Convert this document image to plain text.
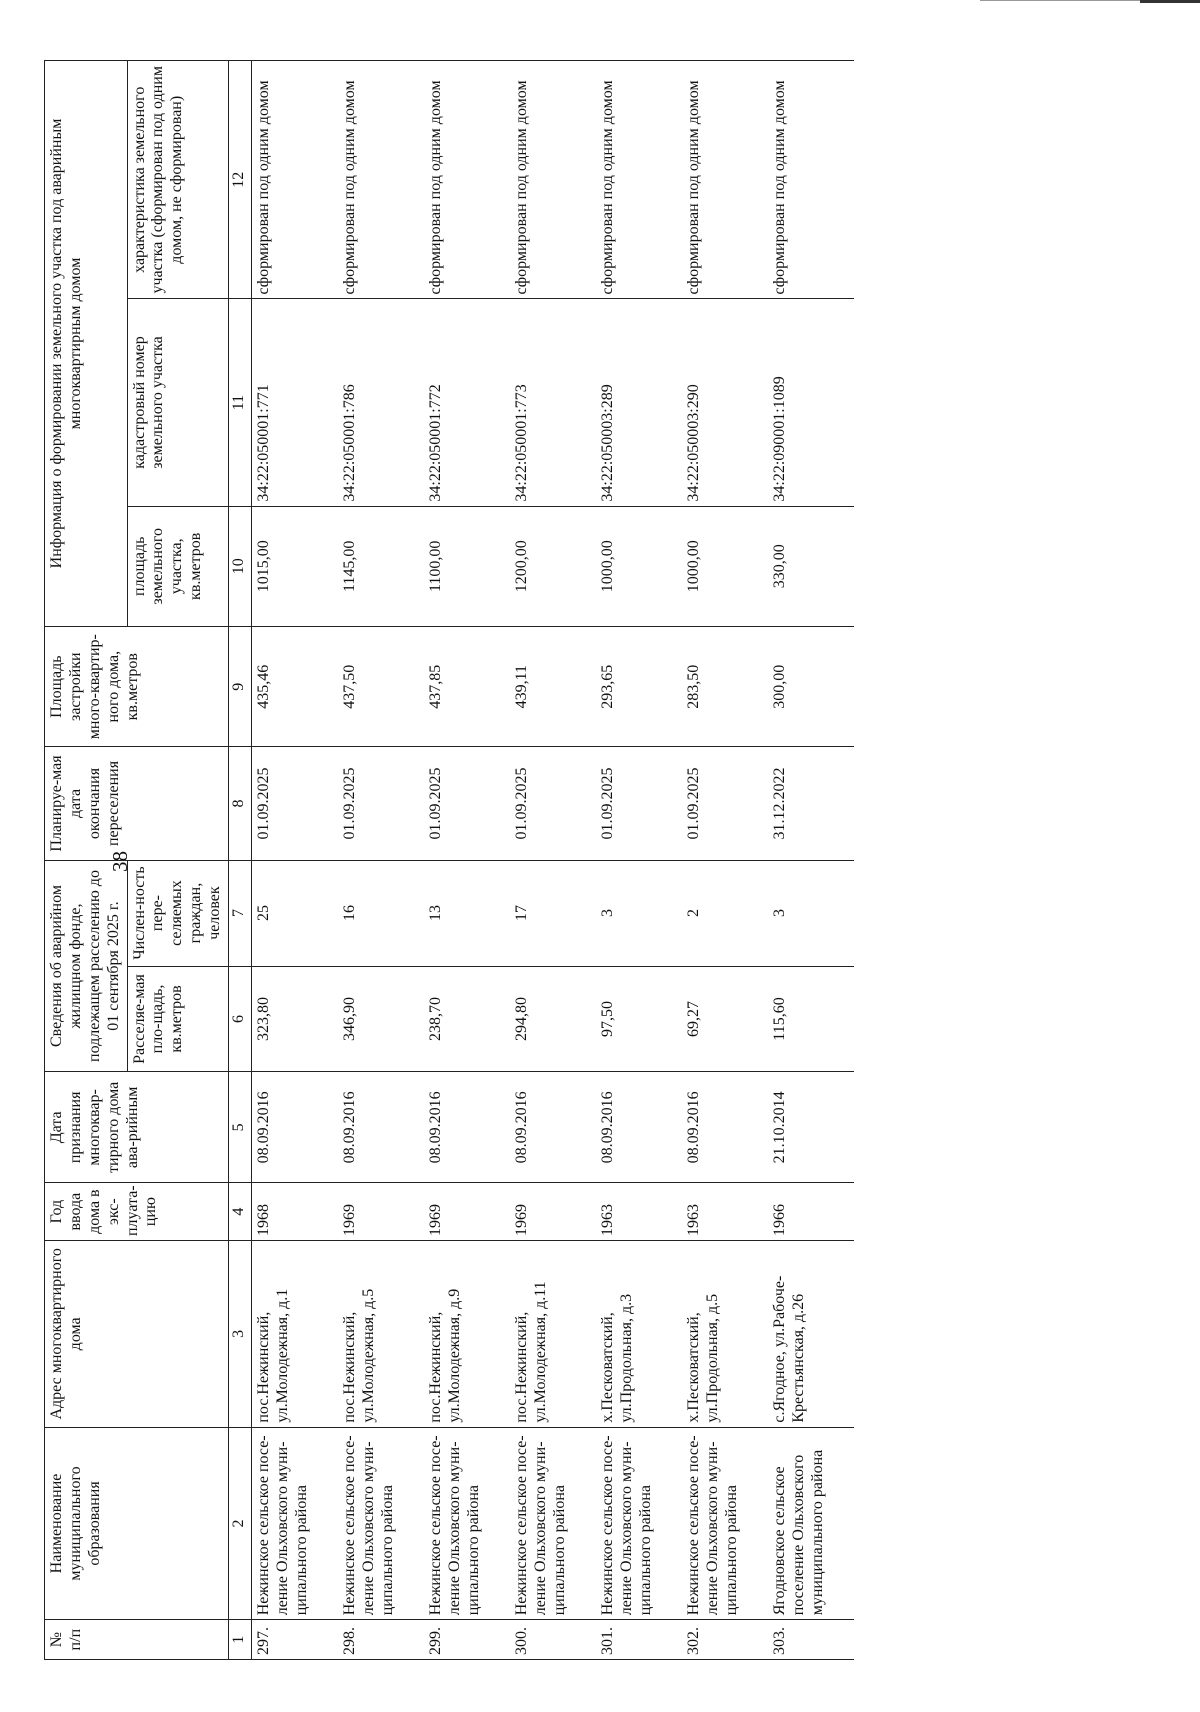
38
№ п/п	Наименование муниципального образования	Адрес многоквартирного дома	Год ввода дома в экс-плуата-цию	Дата признания многоквар-тирного дома ава-рийным	Сведения об аварийном жилищном фонде, подлежащем расселению до 01 сентября 2025 г.		Планируе-мая дата окончания переселения	Площадь застройки много-квартир-ного дома, кв.метров	Информация о формировании земельного участка под аварийным многоквартирным домом		
					Расселяе-мая пло-щадь, кв.метров	Числен-ность пере-селяемых граждан, человек			площадь земельного участка, кв.метров	кадастровый номер земельного участка	характеристика земельного участка (сформирован под одним домом, не сформирован)
1	2	3	4	5	6	7	8	9	10	11	12
297.	Нежинское сельское посе-ление Ольховского муни-ципального района	пос.Нежинский, ул.Молодежная, д.1	1968	08.09.2016	323,80	25	01.09.2025	435,46	1015,00	34:22:050001:771	сформирован под одним домом
298.	Нежинское сельское посе-ление Ольховского муни-ципального района	пос.Нежинский, ул.Молодежная, д.5	1969	08.09.2016	346,90	16	01.09.2025	437,50	1145,00	34:22:050001:786	сформирован под одним домом
299.	Нежинское сельское посе-ление Ольховского муни-ципального района	пос.Нежинский, ул.Молодежная, д.9	1969	08.09.2016	238,70	13	01.09.2025	437,85	1100,00	34:22:050001:772	сформирован под одним домом
300.	Нежинское сельское посе-ление Ольховского муни-ципального района	пос.Нежинский, ул.Молодежная, д.11	1969	08.09.2016	294,80	17	01.09.2025	439,11	1200,00	34:22:050001:773	сформирован под одним домом
301.	Нежинское сельское посе-ление Ольховского муни-ципального района	х.Песковатский, ул.Продольная, д.3	1963	08.09.2016	97,50	3	01.09.2025	293,65	1000,00	34:22:050003:289	сформирован под одним домом
302.	Нежинское сельское посе-ление Ольховского муни-ципального района	х.Песковатский, ул.Продольная, д.5	1963	08.09.2016	69,27	2	01.09.2025	283,50	1000,00	34:22:050003:290	сформирован под одним домом
303.	Ягодновское сельское поселение Ольховского муниципального района	с.Ягодное, ул.Рабоче-Крестьянская, д.26	1966	21.10.2014	115,60	3	31.12.2022	300,00	330,00	34:22:090001:1089	сформирован под одним домом
